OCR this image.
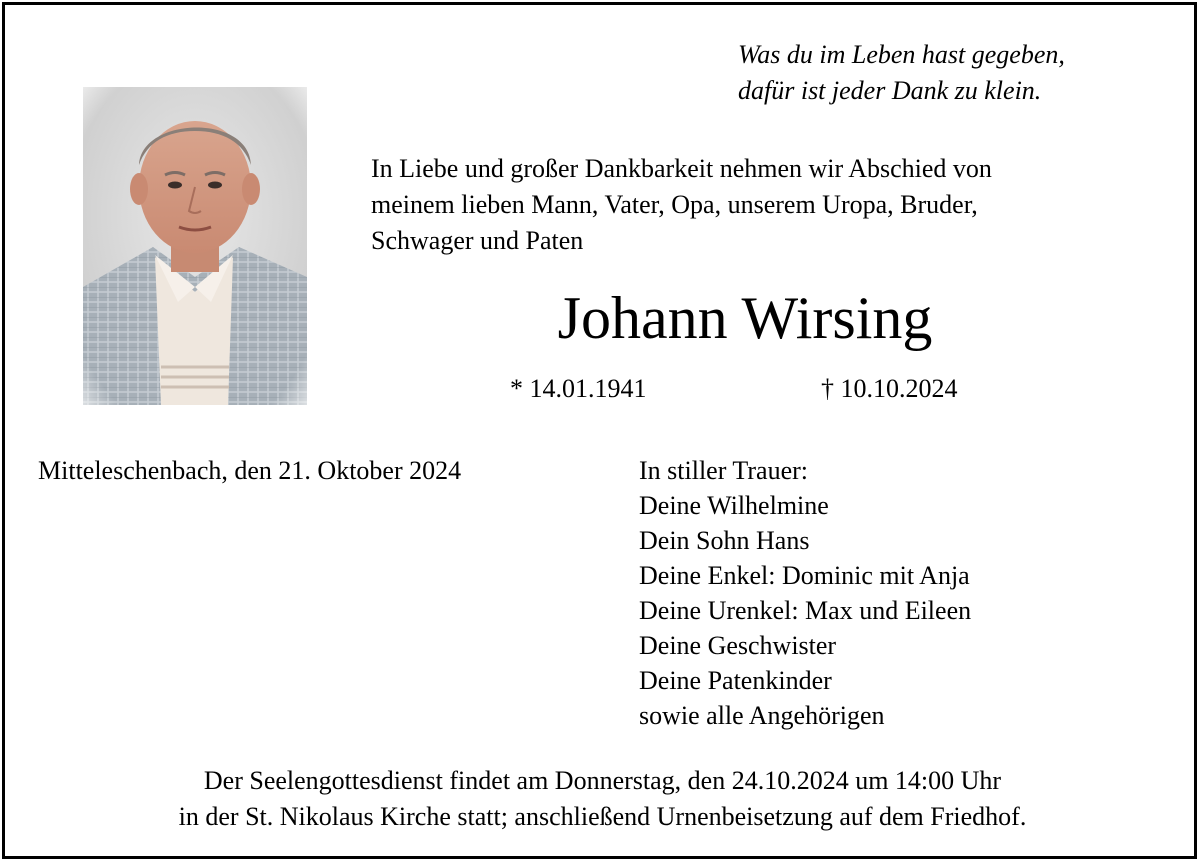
Was du im Leben hast gegeben,
dafür ist jeder Dank zu klein.
In Liebe und großer Dankbarkeit nehmen wir Abschied von
meinem lieben Mann, Vater, Opa, unserem Uropa, Bruder,
Schwager und Paten
Johann Wirsing
* 14.01.1941	† 10.10.2024
Mitteleschenbach, den 21. Oktober 2024	In stiller Trauer:
Deine Wilhelmine
Dein Sohn Hans
Deine Enkel: Dominic mit Anja
Deine Urenkel: Max und Eileen
Deine Geschwister
Deine Patenkinder
sowie alle Angehörigen
Der Seelengottesdienst findet am Donnerstag, den 24.10.2024 um 14:00 Uhr
in der St. Nikolaus Kirche statt; anschließend Urnenbeisetzung auf dem Friedhof.
